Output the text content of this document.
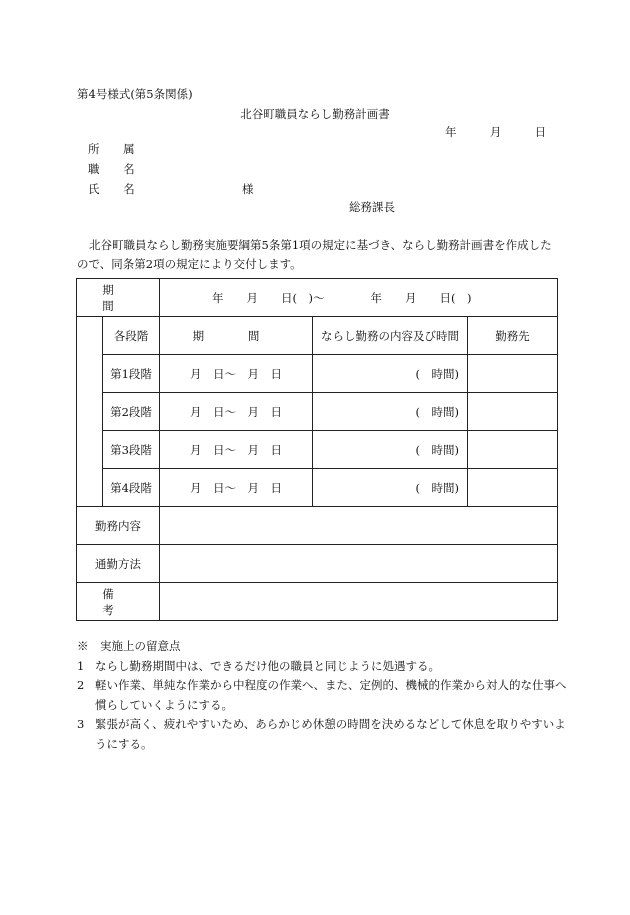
第4号様式(第5条関係)
北谷町職員ならし勤務計画書
年	月	日
所 属
職 名
氏 名	様
総務課長
北谷町職員ならし勤務実施要綱第5条第1項の規定に基づき、ならし勤務計画書を作成したので、同条第2項の規定により交付します。
期 間		年　　月　　日(　)～　　　　年　　月　　日(　)		
	各段階	期 間	ならし勤務の内容及び時間	勤務先
	第1段階	月　日～　月　日	(　時間)	
	第2段階	月　日～　月　日	(　時間)	
	第3段階	月　日～　月　日	(　時間)	
	第4段階	月　日～　月　日	(　時間)	
勤務内容				
通勤方法				
備 考				
※　実施上の留意点
1 ならし勤務期間中は、できるだけ他の職員と同じように処遇する。
2 軽い作業、単純な作業から中程度の作業へ、また、定例的、機械的作業から対人的な仕事へ慣らしていくようにする。
3 緊張が高く、疲れやすいため、あらかじめ休憩の時間を決めるなどして休息を取りやすいようにする。
